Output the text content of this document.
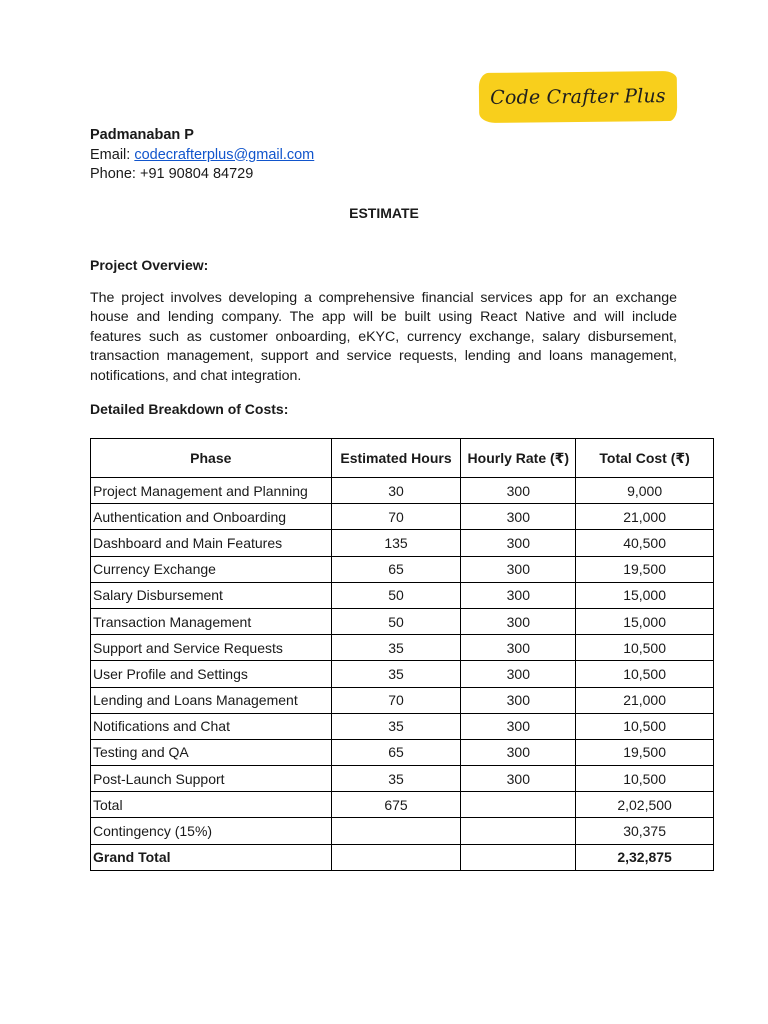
Code Crafter Plus
Padmanaban P
Email: codecrafterplus@gmail.com
Phone: +91 90804 84729
ESTIMATE
Project Overview:

The project involves developing a comprehensive financial services app for an exchange house and lending company. The app will be built using React Native and will include features such as customer onboarding, eKYC, currency exchange, salary disbursement, transaction management, support and service requests, lending and loans management, notifications, and chat integration.

Detailed Breakdown of Costs:
Phase	Estimated Hours	Hourly Rate (₹)	Total Cost (₹)
Project Management and Planning	30	300	9,000
Authentication and Onboarding	70	300	21,000
Dashboard and Main Features	135	300	40,500
Currency Exchange	65	300	19,500
Salary Disbursement	50	300	15,000
Transaction Management	50	300	15,000
Support and Service Requests	35	300	10,500
User Profile and Settings	35	300	10,500
Lending and Loans Management	70	300	21,000
Notifications and Chat	35	300	10,500
Testing and QA	65	300	19,500
Post-Launch Support	35	300	10,500
Total	675		2,02,500
Contingency (15%)			30,375
Grand Total			2,32,875
